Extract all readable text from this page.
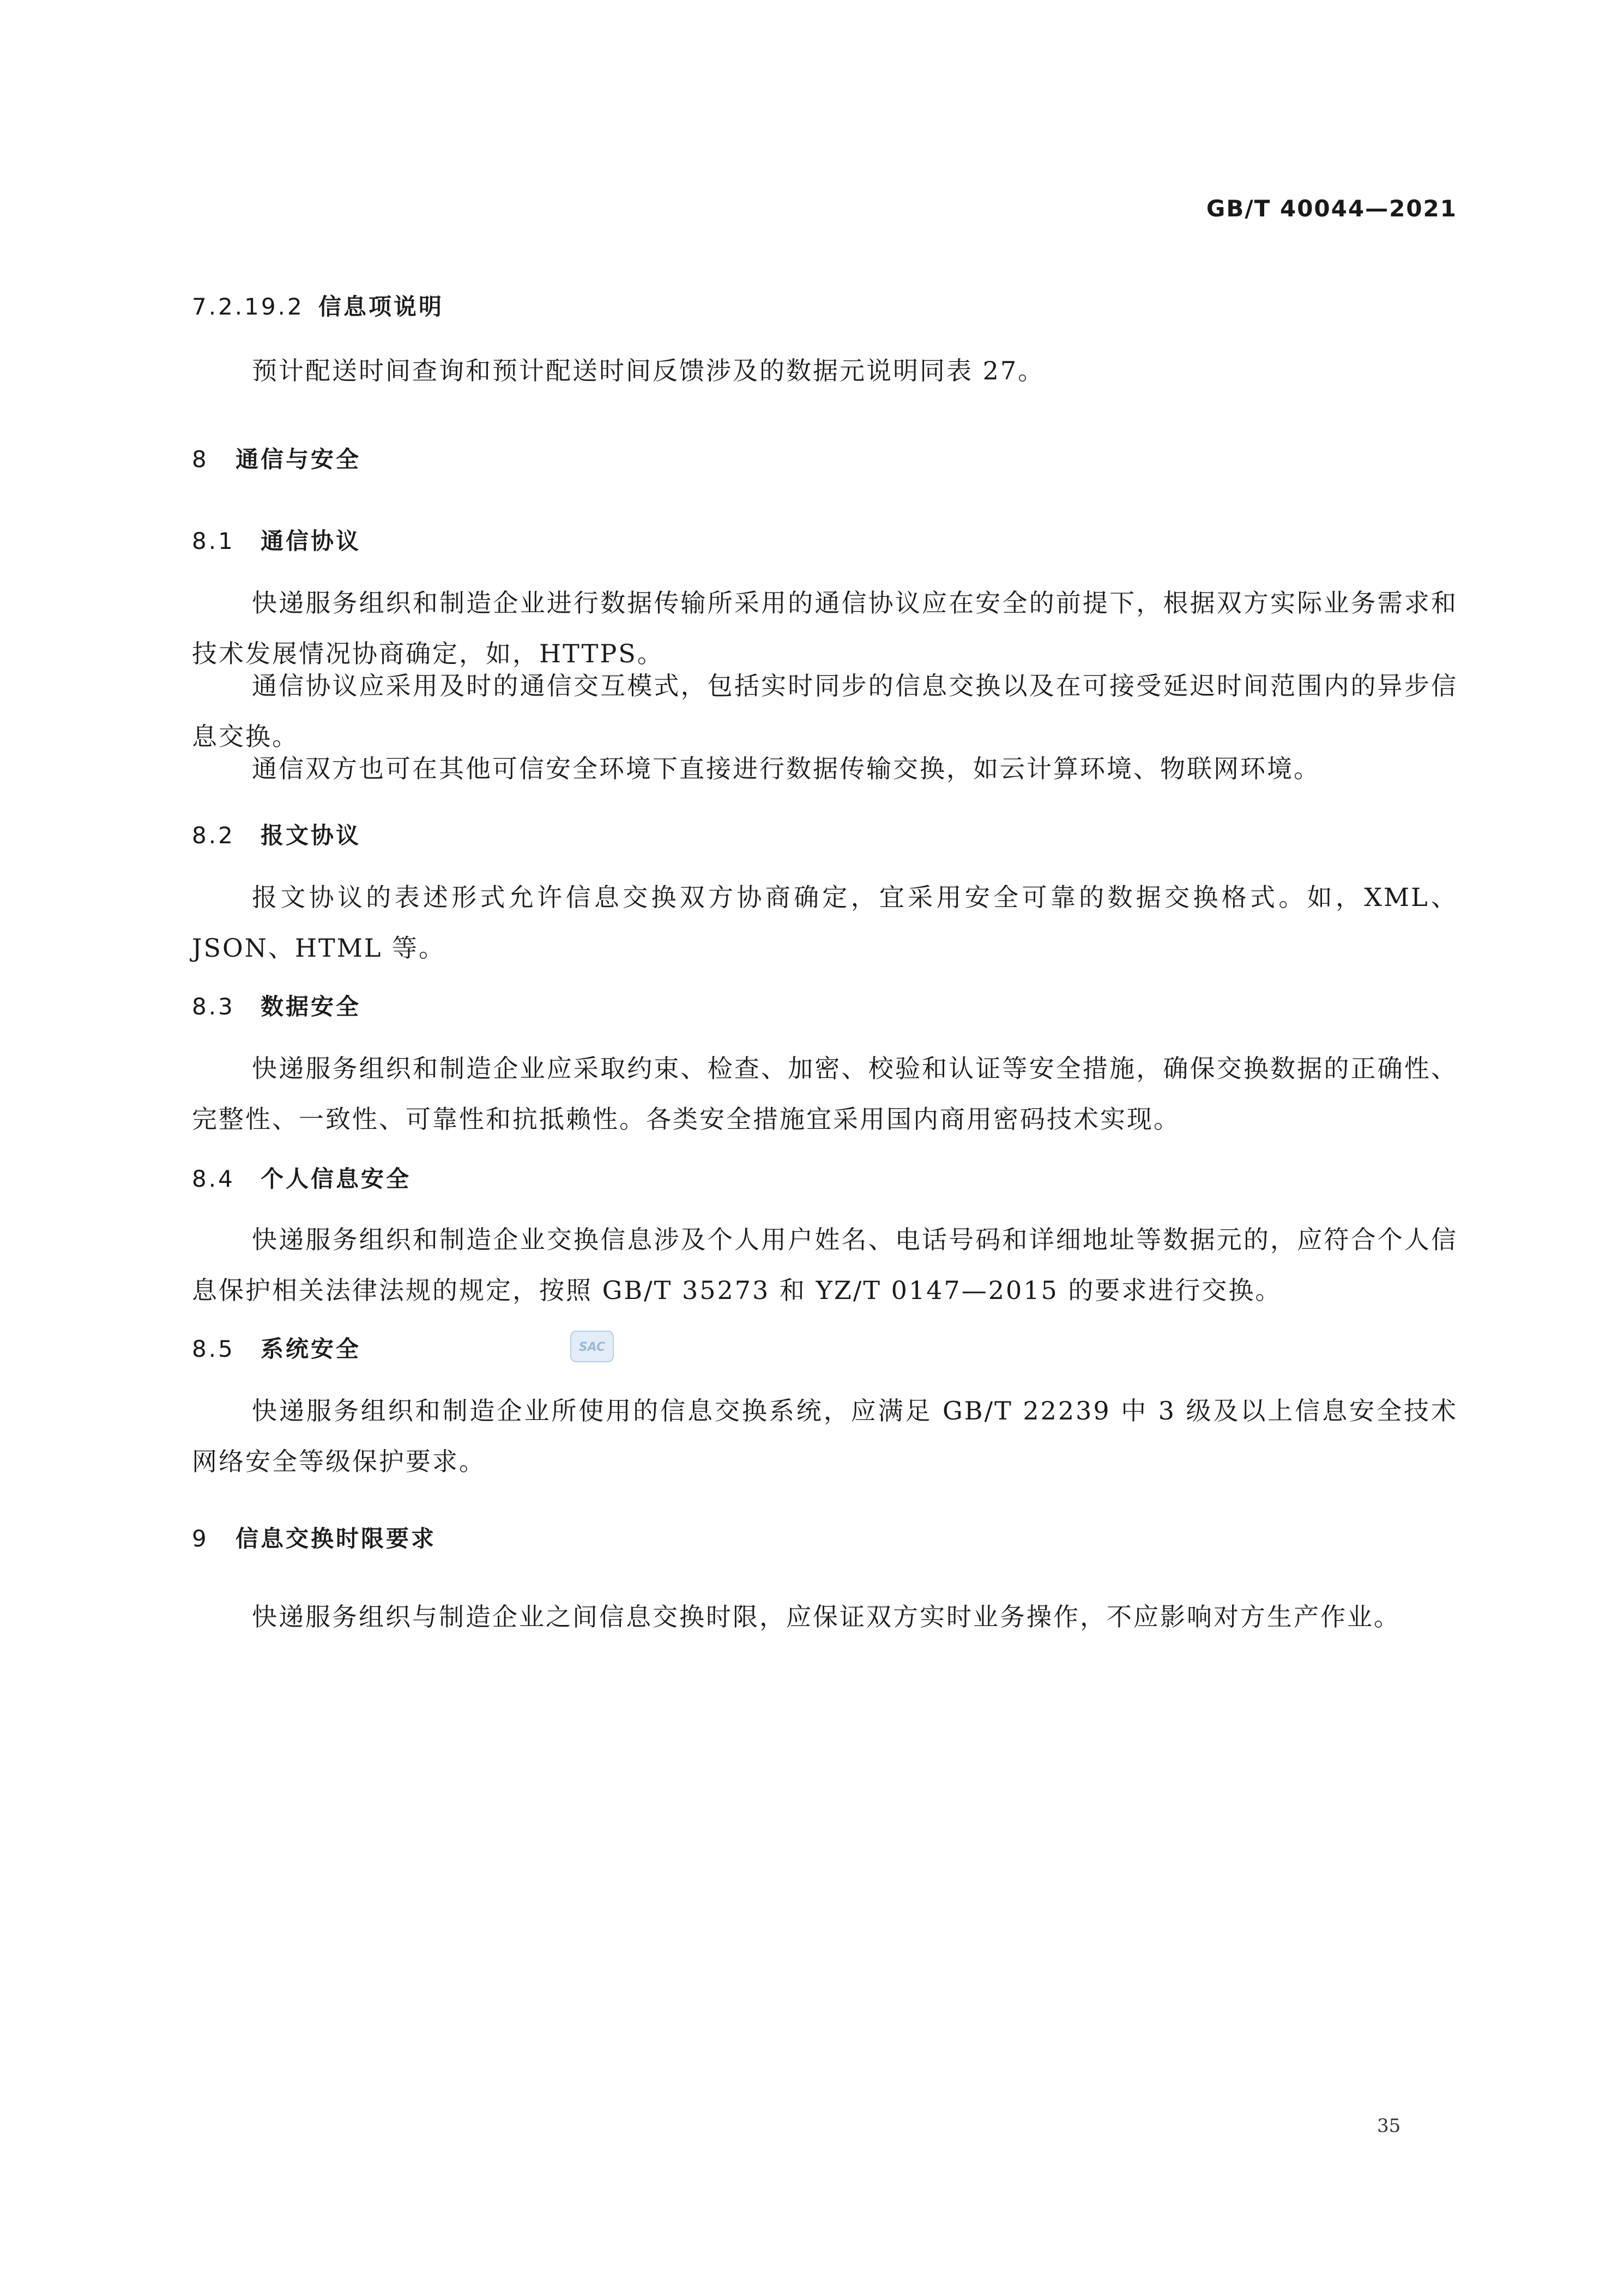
GB/T 40044—2021
7.2.19.2 信息项说明
预计配送时间查询和预计配送时间反馈涉及的数据元说明同表 27。
8 通信与安全
8.1 通信协议
快递服务组织和制造企业进行数据传输所采用的通信协议应在安全的前提下，根据双方实际业务需求和技术发展情况协商确定，如，HTTPS。
通信协议应采用及时的通信交互模式，包括实时同步的信息交换以及在可接受延迟时间范围内的异步信息交换。
通信双方也可在其他可信安全环境下直接进行数据传输交换，如云计算环境、物联网环境。
8.2 报文协议
报文协议的表述形式允许信息交换双方协商确定，宜采用安全可靠的数据交换格式。如，XML、JSON、HTML 等。
8.3 数据安全
快递服务组织和制造企业应采取约束、检查、加密、校验和认证等安全措施，确保交换数据的正确性、完整性、一致性、可靠性和抗抵赖性。各类安全措施宜采用国内商用密码技术实现。
8.4 个人信息安全
快递服务组织和制造企业交换信息涉及个人用户姓名、电话号码和详细地址等数据元的，应符合个人信息保护相关法律法规的规定，按照 GB/T 35273 和 YZ/T 0147—2015 的要求进行交换。
8.5 系统安全
快递服务组织和制造企业所使用的信息交换系统，应满足 GB/T 22239 中 3 级及以上信息安全技术网络安全等级保护要求。
9 信息交换时限要求
快递服务组织与制造企业之间信息交换时限，应保证双方实时业务操作，不应影响对方生产作业。
SAC
35
